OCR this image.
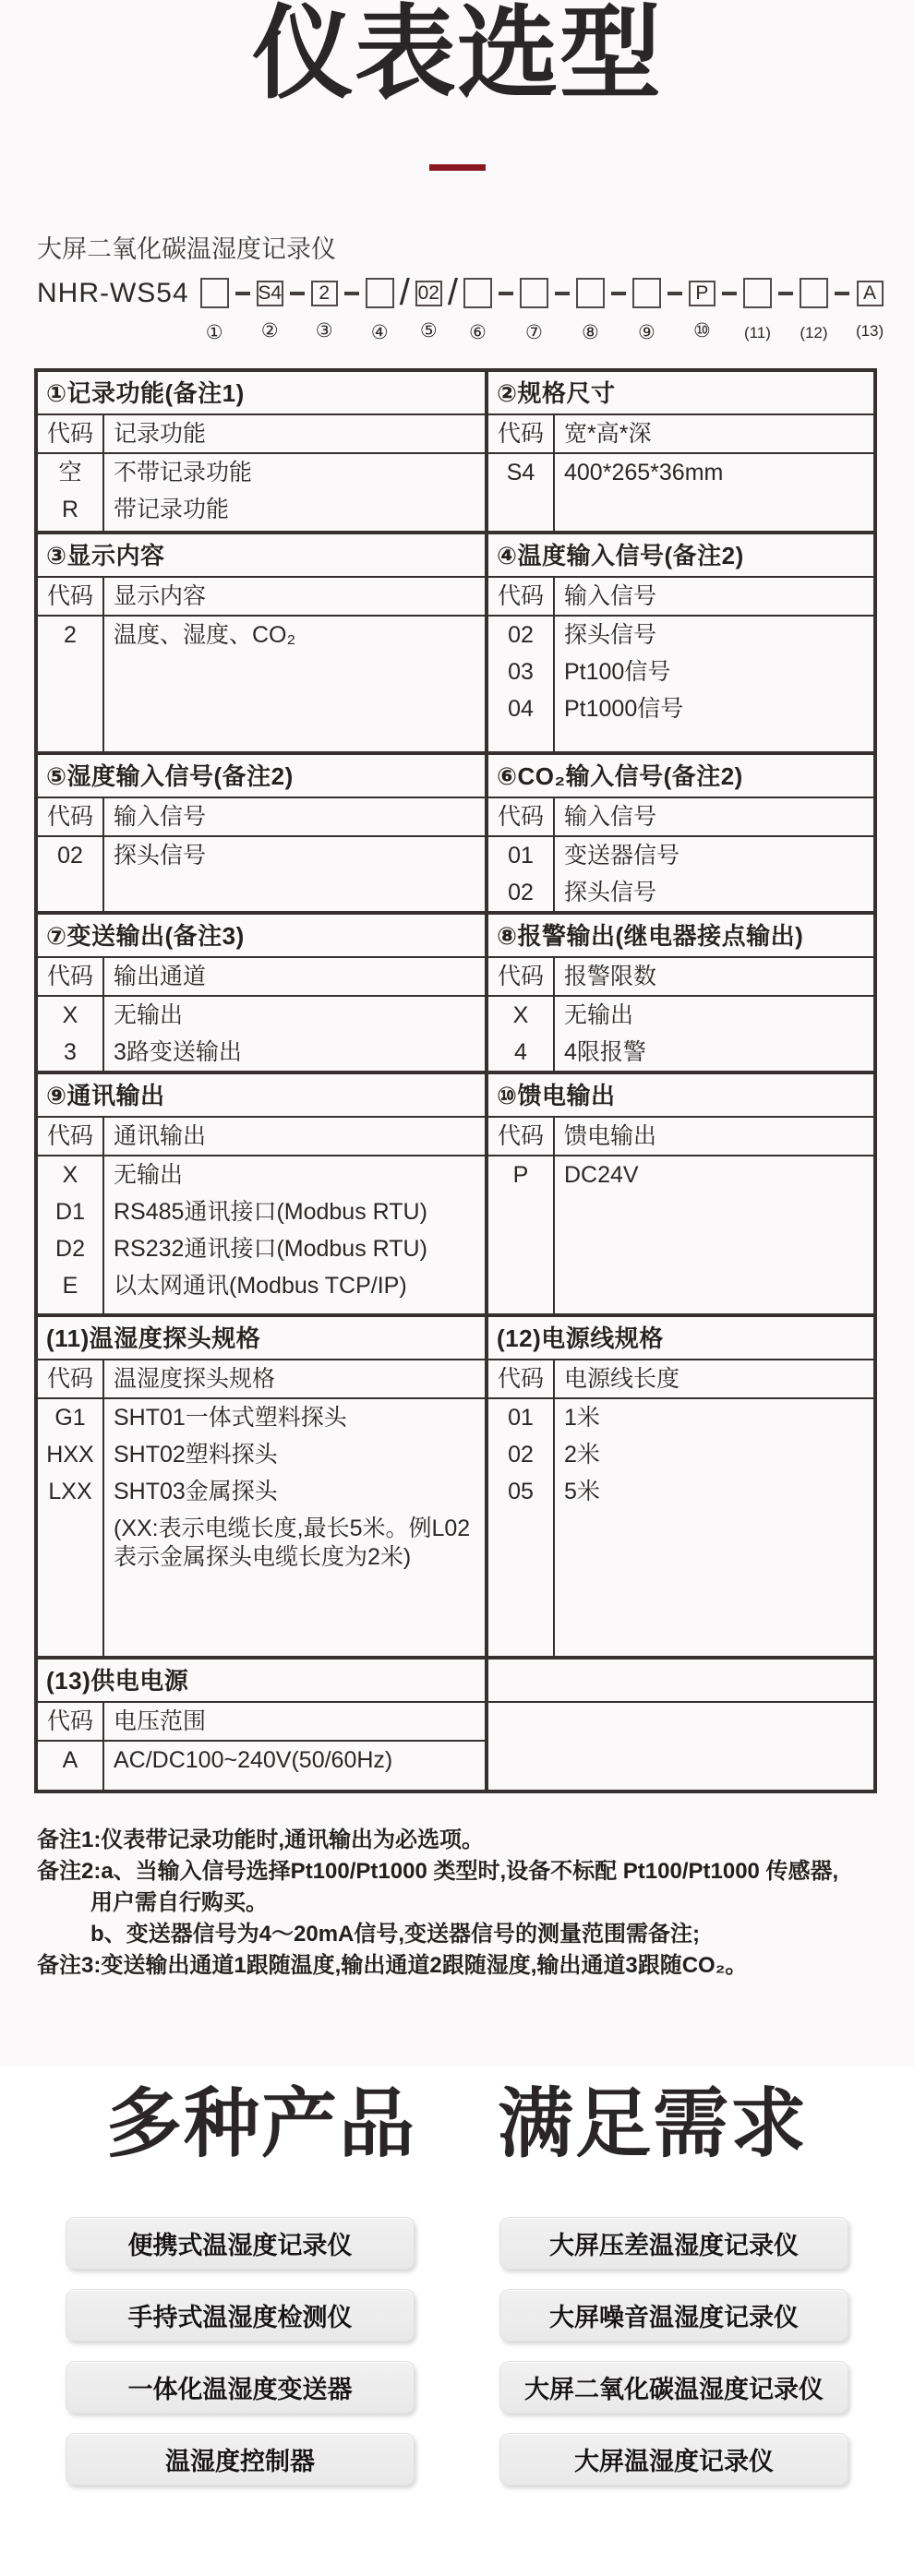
仪表选型
大屏二氧化碳温湿度记录仪
NHR-WS54
①
S4
②
2
③ ④
/ 02
⑤
/
⑥ ⑦ ⑧ ⑨
P
⑩ (11) (12)
A
(13)
①记录功能(备注1)
代码 记录功能
空	不带记录功能
R	带记录功能
②规格尺寸
代码 宽*高*深
S4	400*265*36mm
③显示内容
代码 显示内容
2	温度、湿度、CO₂
④温度输入信号(备注2)
代码 输入信号
02	探头信号
03	Pt100信号
04	Pt1000信号
⑤湿度输入信号(备注2)
代码 输入信号
02	探头信号
⑥CO₂输入信号(备注2)
代码 输入信号
01	变送器信号
02	探头信号
⑦变送输出(备注3)
代码 输出通道
X	无输出
3	3路变送输出
⑧报警输出(继电器接点输出)
代码 报警限数
X	无输出
4	4限报警
⑨通讯输出
代码 通讯输出
X	无输出
D1	RS485通讯接口(Modbus RTU)
D2	RS232通讯接口(Modbus RTU)
E	以太网通讯(Modbus TCP/IP)
⑩馈电输出
代码 馈电输出
P	DC24V
(11)温湿度探头规格
代码 温湿度探头规格
G1	SHT01一体式塑料探头
HXX SHT02塑料探头
LXX SHT03金属探头
(XX:表示电缆长度,最长5米。例L02表示金属探头电缆长度为2米)
(12)电源线规格
代码 电源线长度
01	1米
02	2米
05	5米
(13)供电电源
代码 电压范围
A	AC/DC100~240V(50/60Hz)
备注1:仪表带记录功能时,通讯输出为必选项。
备注2:a、当输入信号选择Pt100/Pt1000 类型时,设备不标配 Pt100/Pt1000 传感器,
用户需自行购买。
b、变送器信号为4～20mA信号,变送器信号的测量范围需备注;
备注3:变送输出通道1跟随温度,输出通道2跟随湿度,输出通道3跟随CO₂。
多种产品 满足需求
便携式温湿度记录仪
手持式温湿度检测仪
一体化温湿度变送器
温湿度控制器
大屏压差温湿度记录仪
大屏噪音温湿度记录仪
大屏二氧化碳温湿度记录仪
大屏温湿度记录仪
